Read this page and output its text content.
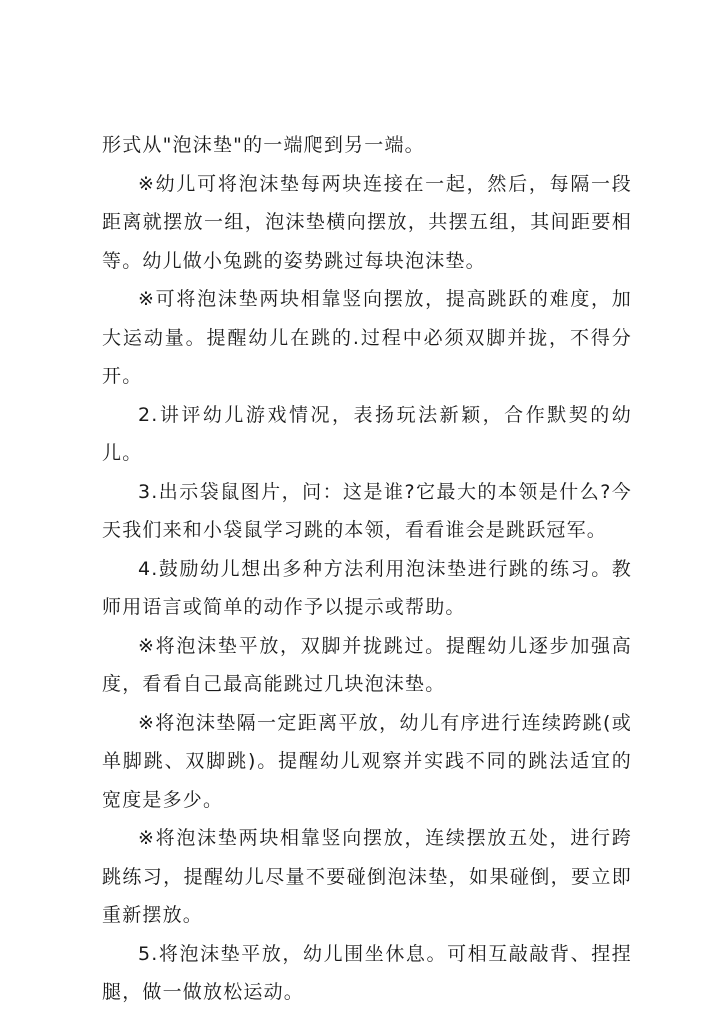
形式从"泡沫垫"的一端爬到另一端。

※幼儿可将泡沫垫每两块连接在一起，然后，每隔一段距离就摆放一组，泡沫垫横向摆放，共摆五组，其间距要相等。幼儿做小兔跳的姿势跳过每块泡沫垫。

※可将泡沫垫两块相靠竖向摆放，提高跳跃的难度，加大运动量。提醒幼儿在跳的.过程中必须双脚并拢，不得分开。

2.讲评幼儿游戏情况，表扬玩法新颖，合作默契的幼儿。

3.出示袋鼠图片，问：这是谁?它最大的本领是什么?今天我们来和小袋鼠学习跳的本领，看看谁会是跳跃冠军。

4.鼓励幼儿想出多种方法利用泡沫垫进行跳的练习。教师用语言或简单的动作予以提示或帮助。

※将泡沫垫平放，双脚并拢跳过。提醒幼儿逐步加强高度，看看自己最高能跳过几块泡沫垫。

※将泡沫垫隔一定距离平放，幼儿有序进行连续跨跳(或单脚跳、双脚跳)。提醒幼儿观察并实践不同的跳法适宜的宽度是多少。

※将泡沫垫两块相靠竖向摆放，连续摆放五处，进行跨跳练习，提醒幼儿尽量不要碰倒泡沫垫，如果碰倒，要立即重新摆放。

5.将泡沫垫平放，幼儿围坐休息。可相互敲敲背、捏捏腿，做一做放松运动。
